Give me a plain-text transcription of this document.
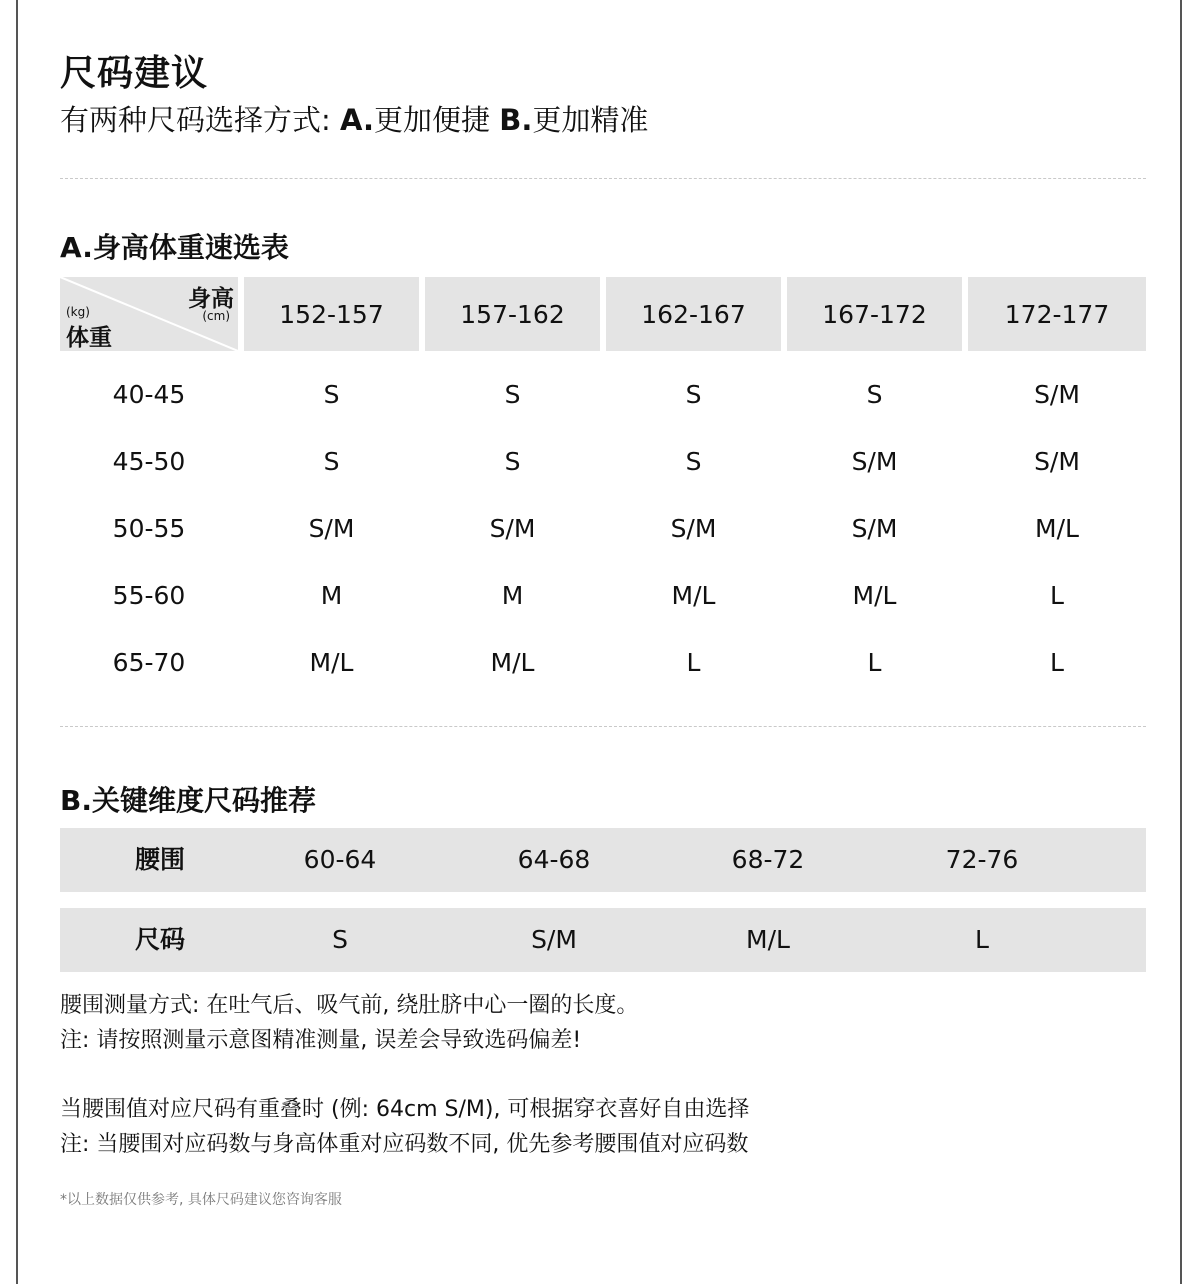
尺码建议
有两种尺码选择方式: A.更加便捷 B.更加精准
A.身高体重速选表
身高
(cm)
(kg)
体重
152-157	157-162	162-167	167-172	172-177
40-45	S	S	S	S	S/M
45-50	S	S	S	S/M	S/M
50-55	S/M	S/M	S/M	S/M	M/L
55-60	M	M	M/L	M/L	L
65-70	M/L	M/L	L	L	L
B.关键维度尺码推荐
腰围	60-64	64-68	68-72	72-76
尺码	S	S/M	M/L	L
腰围测量方式: 在吐气后、吸气前, 绕肚脐中心一圈的长度。
注: 请按照测量示意图精准测量, 误差会导致选码偏差!
当腰围值对应尺码有重叠时 (例: 64cm S/M), 可根据穿衣喜好自由选择
注: 当腰围对应码数与身高体重对应码数不同, 优先参考腰围值对应码数
*以上数据仅供参考, 具体尺码建议您咨询客服
